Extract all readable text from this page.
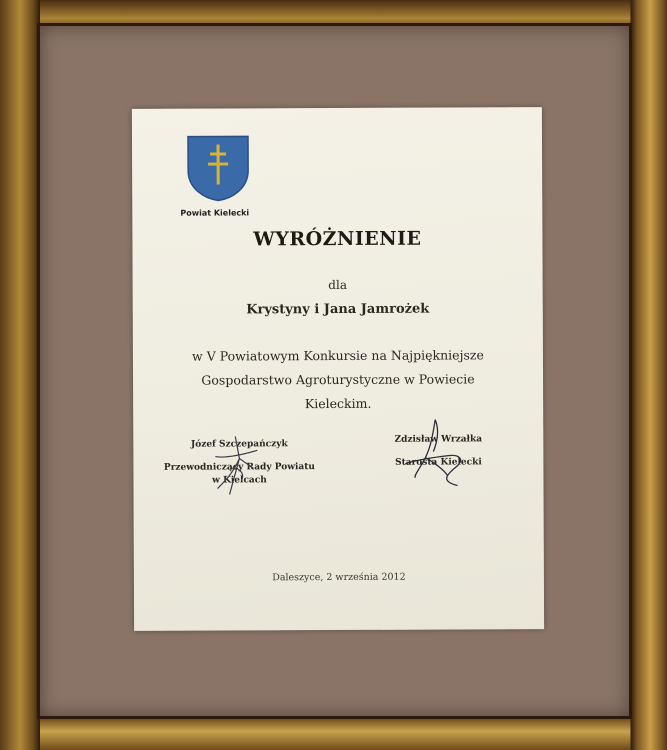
Powiat Kielecki
WYRÓŻNIENIE
dla
Krystyny i Jana Jamrożek
w V Powiatowym Konkursie na Najpiękniejsze
Gospodarstwo Agroturystyczne w Powiecie
Kieleckim.
Józef Szczepańczyk
Przewodniczący Rady Powiatu
w Kielcach
Zdzisław Wrzałka
Starosta Kielecki
Daleszyce, 2 września 2012
